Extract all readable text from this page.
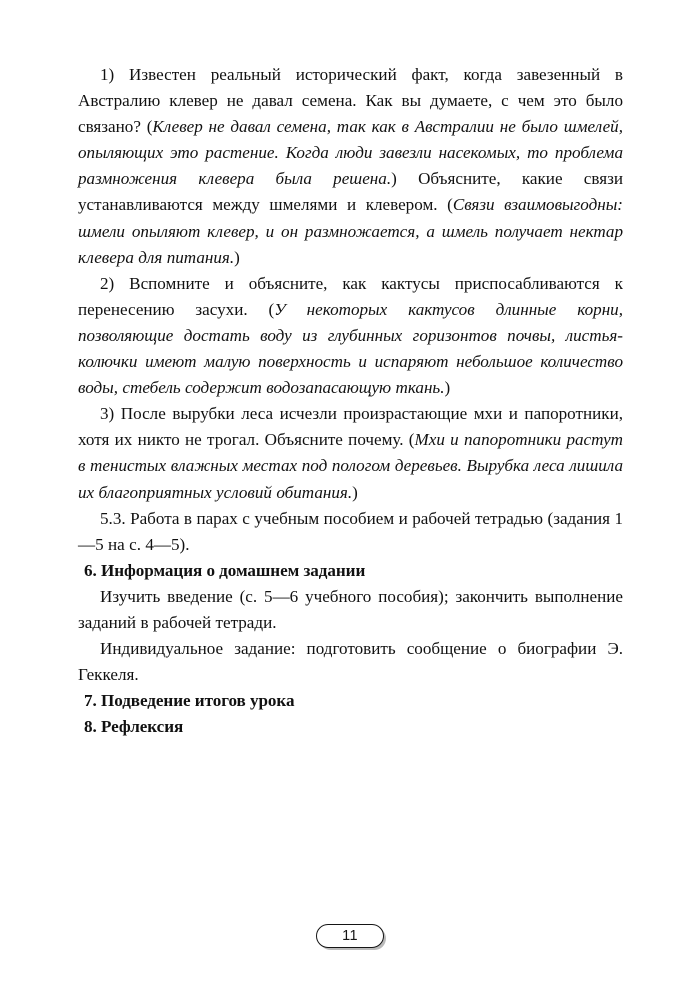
1) Известен реальный исторический факт, когда завезенный в Австралию клевер не давал семена. Как вы думаете, с чем это было связано? (Клевер не давал семена, так как в Австралии не было шмелей, опыляющих это растение. Когда люди завезли насекомых, то проблема размножения клевера была решена.) Объясните, какие связи устанавливаются между шмелями и клевером. (Связи взаимовыгодны: шмели опыляют клевер, и он размножается, а шмель получает нектар клевера для питания.)

2) Вспомните и объясните, как кактусы приспосабливаются к перенесению засухи. (У некоторых кактусов длинные корни, позволяющие достать воду из глубинных горизонтов почвы, листья-колючки имеют малую поверхность и испаряют небольшое количество воды, стебель содержит водозапасающую ткань.)

3) После вырубки леса исчезли произрастающие мхи и папоротники, хотя их никто не трогал. Объясните почему. (Мхи и папоротники растут в тенистых влажных местах под пологом деревьев. Вырубка леса лишила их благоприятных условий обитания.)

5.3. Работа в парах с учебным пособием и рабочей тетрадью (задания 1—5 на с. 4—5).

6. Информация о домашнем задании

Изучить введение (с. 5—6 учебного пособия); закончить выполнение заданий в рабочей тетради.

Индивидуальное задание: подготовить сообщение о биографии Э. Геккеля.

7. Подведение итогов урока
8. Рефлексия
11
